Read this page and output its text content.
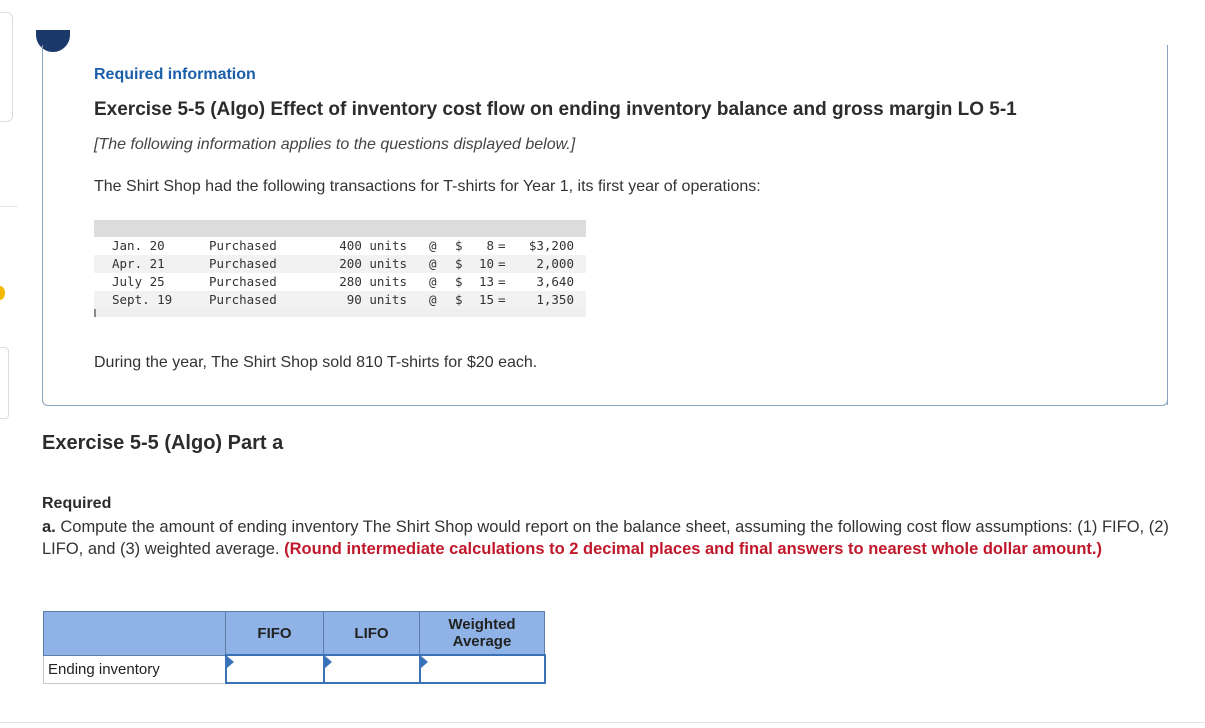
Required information
Exercise 5-5 (Algo) Effect of inventory cost flow on ending inventory balance and gross margin LO 5-1
[The following information applies to the questions displayed below.]
The Shirt Shop had the following transactions for T-shirts for Year 1, its first year of operations:
Jan. 20	Purchased	400 units @ $ 8 = $3,200
Apr. 21	Purchased	200 units @ $ 10 = 2,000
July 25	Purchased	280 units @ $ 13 = 3,640
Sept. 19	Purchased	90 units @ $ 15 = 1,350
During the year, The Shirt Shop sold 810 T-shirts for $20 each.
Exercise 5-5 (Algo) Part a
Required
a. Compute the amount of ending inventory The Shirt Shop would report on the balance sheet, assuming the following cost flow assumptions: (1) FIFO, (2) LIFO, and (3) weighted average. (Round intermediate calculations to 2 decimal places and final answers to nearest whole dollar amount.)
	FIFO	LIFO	Weighted Average

Ending inventory			
